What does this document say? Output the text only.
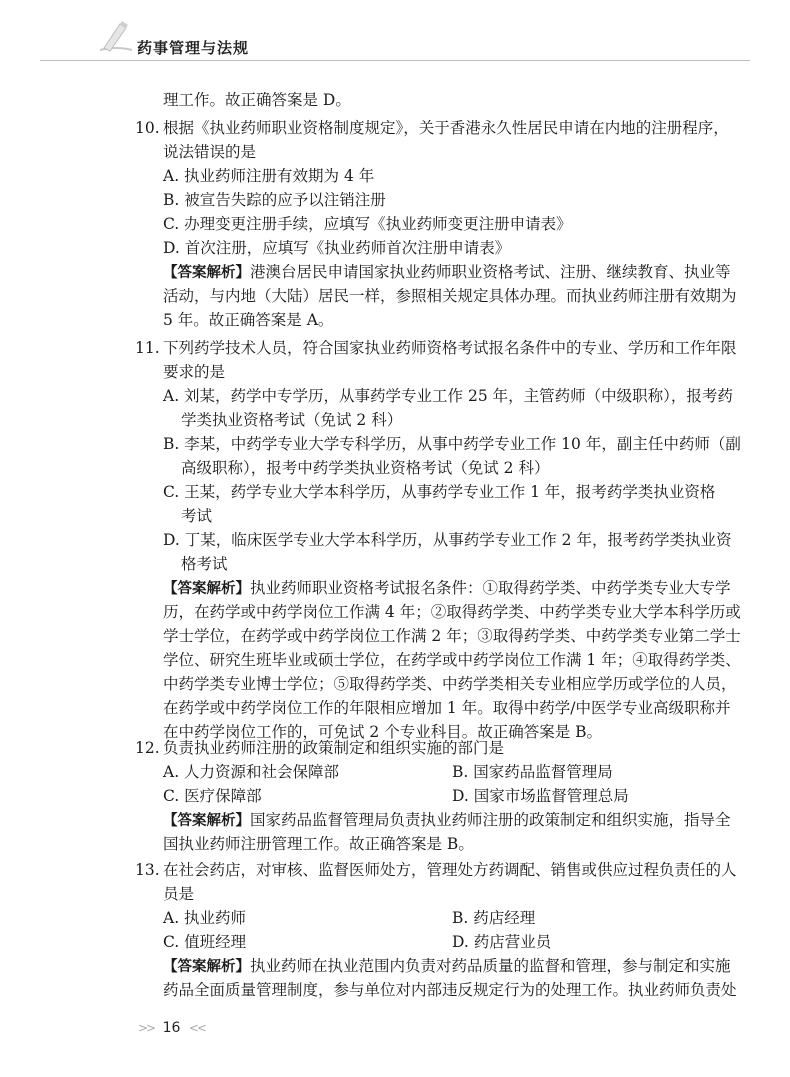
药事管理与法规
理工作。故正确答案是 D。
10. 根据《执业药师职业资格制度规定》，关于香港永久性居民申请在内地的注册程序，
说法错误的是
A. 执业药师注册有效期为 4 年
B. 被宣告失踪的应予以注销注册
C. 办理变更注册手续，应填写《执业药师变更注册申请表》
D. 首次注册，应填写《执业药师首次注册申请表》
【答案解析】港澳台居民申请国家执业药师职业资格考试、注册、继续教育、执业等
活动，与内地（大陆）居民一样，参照相关规定具体办理。而执业药师注册有效期为
5 年。故正确答案是 A。
11. 下列药学技术人员，符合国家执业药师资格考试报名条件中的专业、学历和工作年限
要求的是
A. 刘某，药学中专学历，从事药学专业工作 25 年，主管药师（中级职称），报考药
学类执业资格考试（免试 2 科）
B. 李某，中药学专业大学专科学历，从事中药学专业工作 10 年，副主任中药师（副
高级职称），报考中药学类执业资格考试（免试 2 科）
C. 王某，药学专业大学本科学历，从事药学专业工作 1 年，报考药学类执业资格
考试
D. 丁某，临床医学专业大学本科学历，从事药学专业工作 2 年，报考药学类执业资
格考试
【答案解析】执业药师职业资格考试报名条件：①取得药学类、中药学类专业大专学
历，在药学或中药学岗位工作满 4 年；②取得药学类、中药学类专业大学本科学历或
学士学位，在药学或中药学岗位工作满 2 年；③取得药学类、中药学类专业第二学士
学位、研究生班毕业或硕士学位，在药学或中药学岗位工作满 1 年；④取得药学类、
中药学类专业博士学位；⑤取得药学类、中药学类相关专业相应学历或学位的人员，
在药学或中药学岗位工作的年限相应增加 1 年。取得中药学/中医学专业高级职称并
在中药学岗位工作的，可免试 2 个专业科目。故正确答案是 B。
12. 负责执业药师注册的政策制定和组织实施的部门是
A. 人力资源和社会保障部	B. 国家药品监督管理局
C. 医疗保障部	D. 国家市场监督管理总局
【答案解析】国家药品监督管理局负责执业药师注册的政策制定和组织实施，指导全
国执业药师注册管理工作。故正确答案是 B。
13. 在社会药店，对审核、监督医师处方，管理处方药调配、销售或供应过程负责任的人
员是
A. 执业药师	B. 药店经理
C. 值班经理	D. 药店营业员
【答案解析】执业药师在执业范围内负责对药品质量的监督和管理，参与制定和实施
药品全面质量管理制度，参与单位对内部违反规定行为的处理工作。执业药师负责处
>> 16 <<
